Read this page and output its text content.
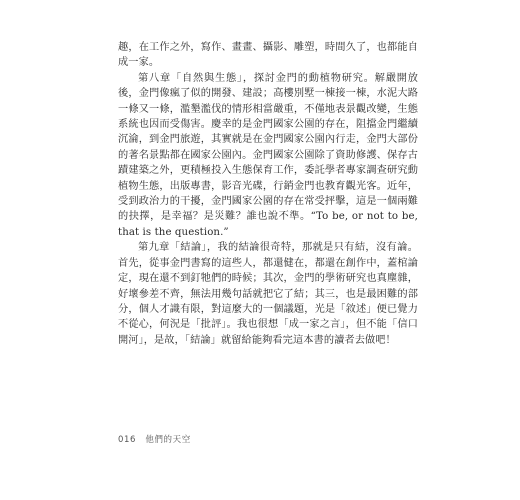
趣，在工作之外，寫作、畫畫、攝影、雕塑，時間久了，也都能自成一家。

第八章「自然與生態」，探討金門的動植物研究。解嚴開放後，金門像瘋了似的開發、建設；高樓別墅一棟接一棟，水泥大路一條又一條，濫墾濫伐的情形相當嚴重，不僅地表景觀改變，生態系統也因而受傷害。慶幸的是金門國家公園的存在，阻擋金門繼續沉淪，到金門旅遊，其實就是在金門國家公園內行走，金門大部份的著名景點都在國家公園內。金門國家公園除了資助修護、保存古蹟建築之外，更積極投入生態保育工作，委託學者專家調查研究動植物生態，出版專書，影音光碟，行銷金門也教育觀光客。近年，受到政治力的干擾，金門國家公園的存在常受抨擊，這是一個兩難的抉擇，是幸福？是災難？誰也說不準。“To be, or not to be, that is the question.”

第九章「結論」，我的結論很奇特，那就是只有結，沒有論。首先，從事金門書寫的這些人，都還健在，都還在創作中，蓋棺論定，現在還不到釘牠們的時候；其次，金門的學術研究也真塵雜，好壞參差不齊，無法用幾句話就把它了結；其三，也是最困難的部分，個人才識有限，對這麼大的一個議題，光是「敘述」便已覺力不從心，何況是「批評」。我也很想「成一家之言」，但不能「信口開河」，是故，「結論」就留給能夠看完這本書的讀者去做吧！

016 他們的天空
